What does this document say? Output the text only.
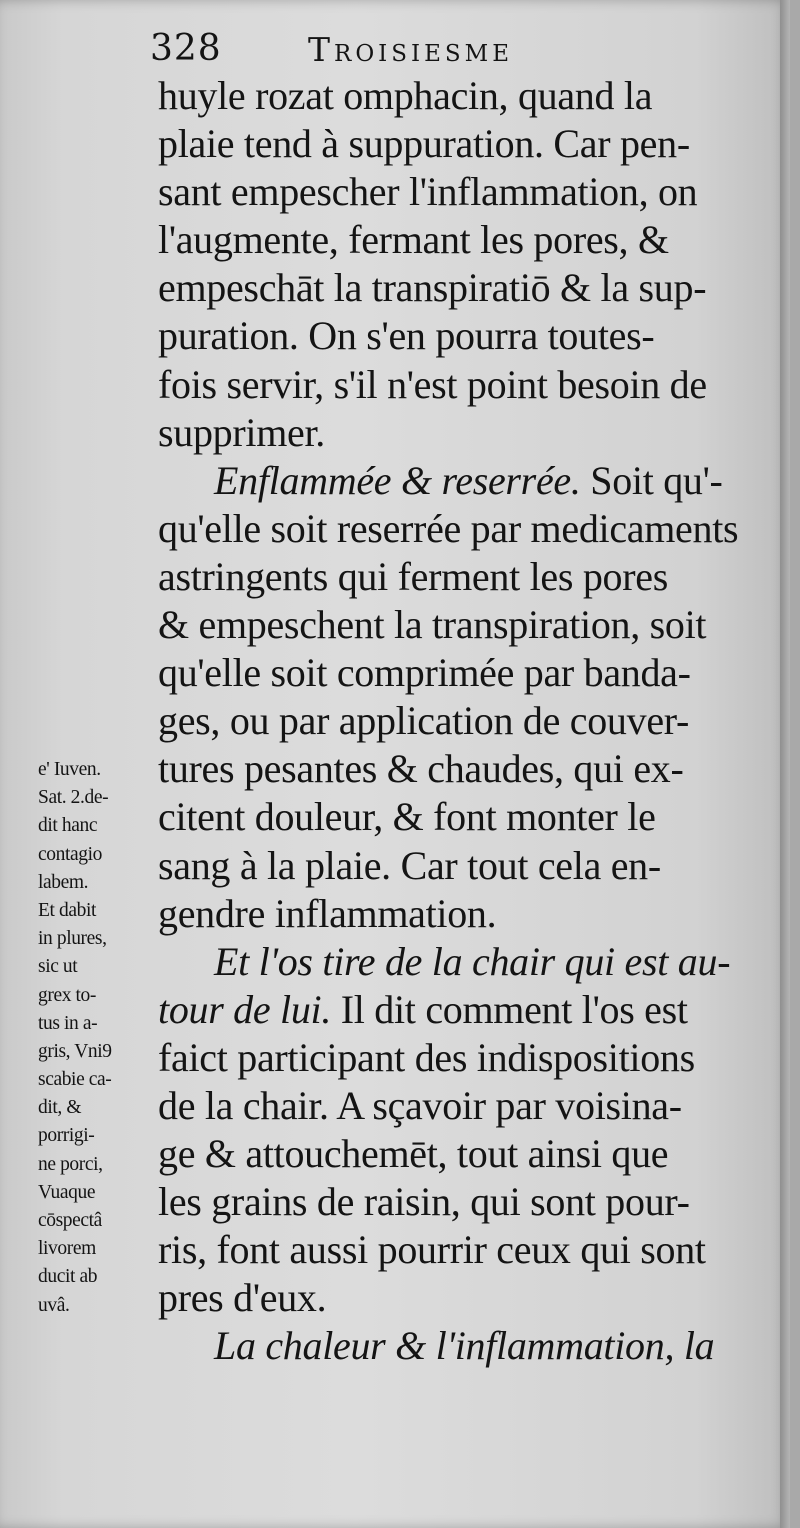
328	Troisiesme
huyle rozat omphacin, quand la
plaie tend à suppuration. Car pen-
sant empescher l'inflammation, on
l'augmente, fermant les pores, &
empeschāt la transpiratiō & la sup-
puration. On s'en pourra toutes-
fois servir, s'il n'est point besoin de
supprimer.
Enflammée & reserrée. Soit qu'-
qu'elle soit reserrée par medicaments
astringents qui ferment les pores
& empeschent la transpiration, soit
qu'elle soit comprimée par banda-
ges, ou par application de couver-
tures pesantes & chaudes, qui ex-
citent douleur, & font monter le
sang à la plaie. Car tout cela en-
gendre inflammation.
Et l'os tire de la chair qui est au-
tour de lui. Il dit comment l'os est
faict participant des indispositions
de la chair. A sçavoir par voisina-
ge & attouchemēt, tout ainsi que
les grains de raisin, qui sont pour-
ris, font aussi pourrir ceux qui sont
pres d'eux.
La chaleur & l'inflammation, la
e' Iuven.
Sat. 2.de-
dit hanc
contagio
labem.
Et dabit
in plures,
sic ut
grex to-
tus in a-
gris, Vni9
scabie ca-
dit, &
porrigi-
ne porci,
Vuaque
cōspectâ
livorem
ducit ab
uvâ.
